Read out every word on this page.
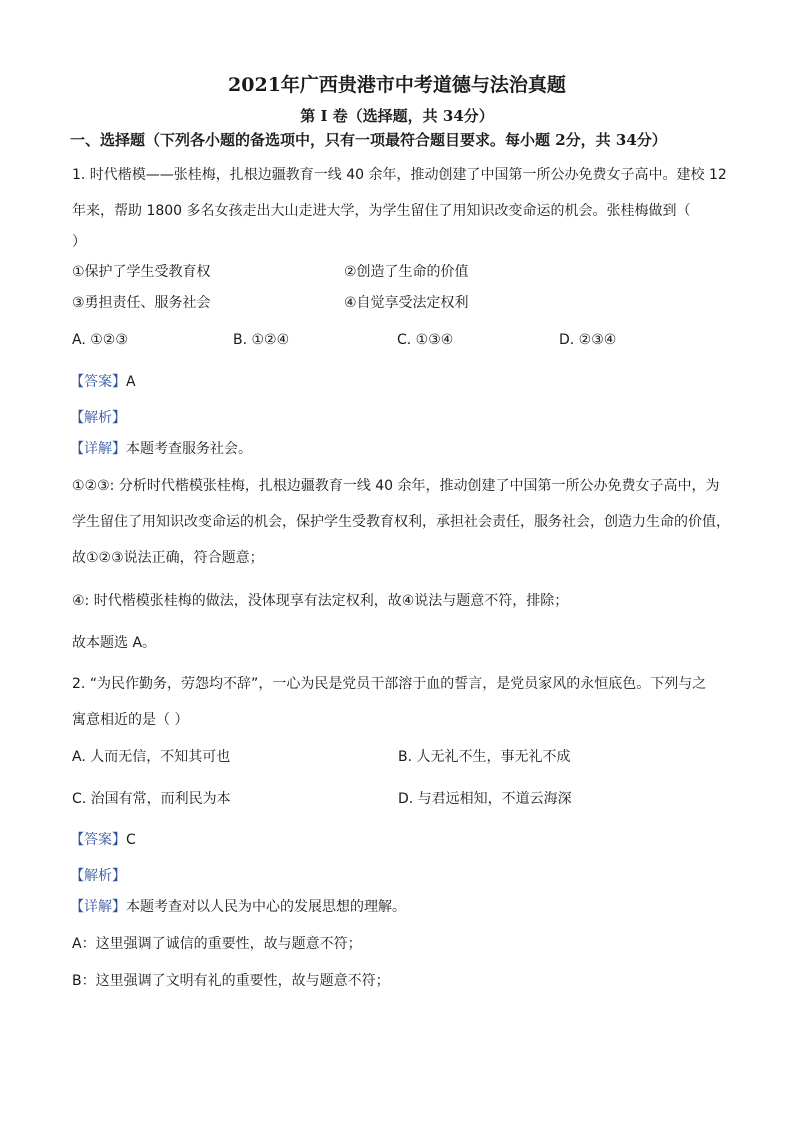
2021年广西贵港市中考道德与法治真题
第 I 卷（选择题，共 34分）
一、选择题（下列各小题的备选项中，只有一项最符合题目要求。每小题 2分，共 34分）
1. 时代楷模——张桂梅，扎根边疆教育一线 40 余年，推动创建了中国第一所公办免费女子高中。建校 12
年来，帮助 1800 多名女孩走出大山走进大学，为学生留住了用知识改变命运的机会。张桂梅做到（
）
①保护了学生受教育权	②创造了生命的价值
③勇担责任、服务社会	④自觉享受法定权利
A. ①②③	B. ①②④	C. ①③④	D. ②③④
【答案】A
【解析】
【详解】本题考查服务社会。
①②③: 分析时代楷模张桂梅，扎根边疆教育一线 40 余年，推动创建了中国第一所公办免费女子高中，为
学生留住了用知识改变命运的机会，保护学生受教育权利，承担社会责任，服务社会，创造力生命的价值，
故①②③说法正确，符合题意；
④: 时代楷模张桂梅的做法，没体现享有法定权利，故④说法与题意不符，排除；
故本题选 A。
2. “为民作勤务，劳怨均不辞”，一心为民是党员干部溶于血的誓言，是党员家风的永恒底色。下列与之
寓意相近的是（ ）
A. 人而无信，不知其可也	B. 人无礼不生，事无礼不成
C. 治国有常，而利民为本	D. 与君远相知，不道云海深
【答案】C
【解析】
【详解】本题考查对以人民为中心的发展思想的理解。
A：这里强调了诚信的重要性，故与题意不符；
B：这里强调了文明有礼的重要性，故与题意不符；
